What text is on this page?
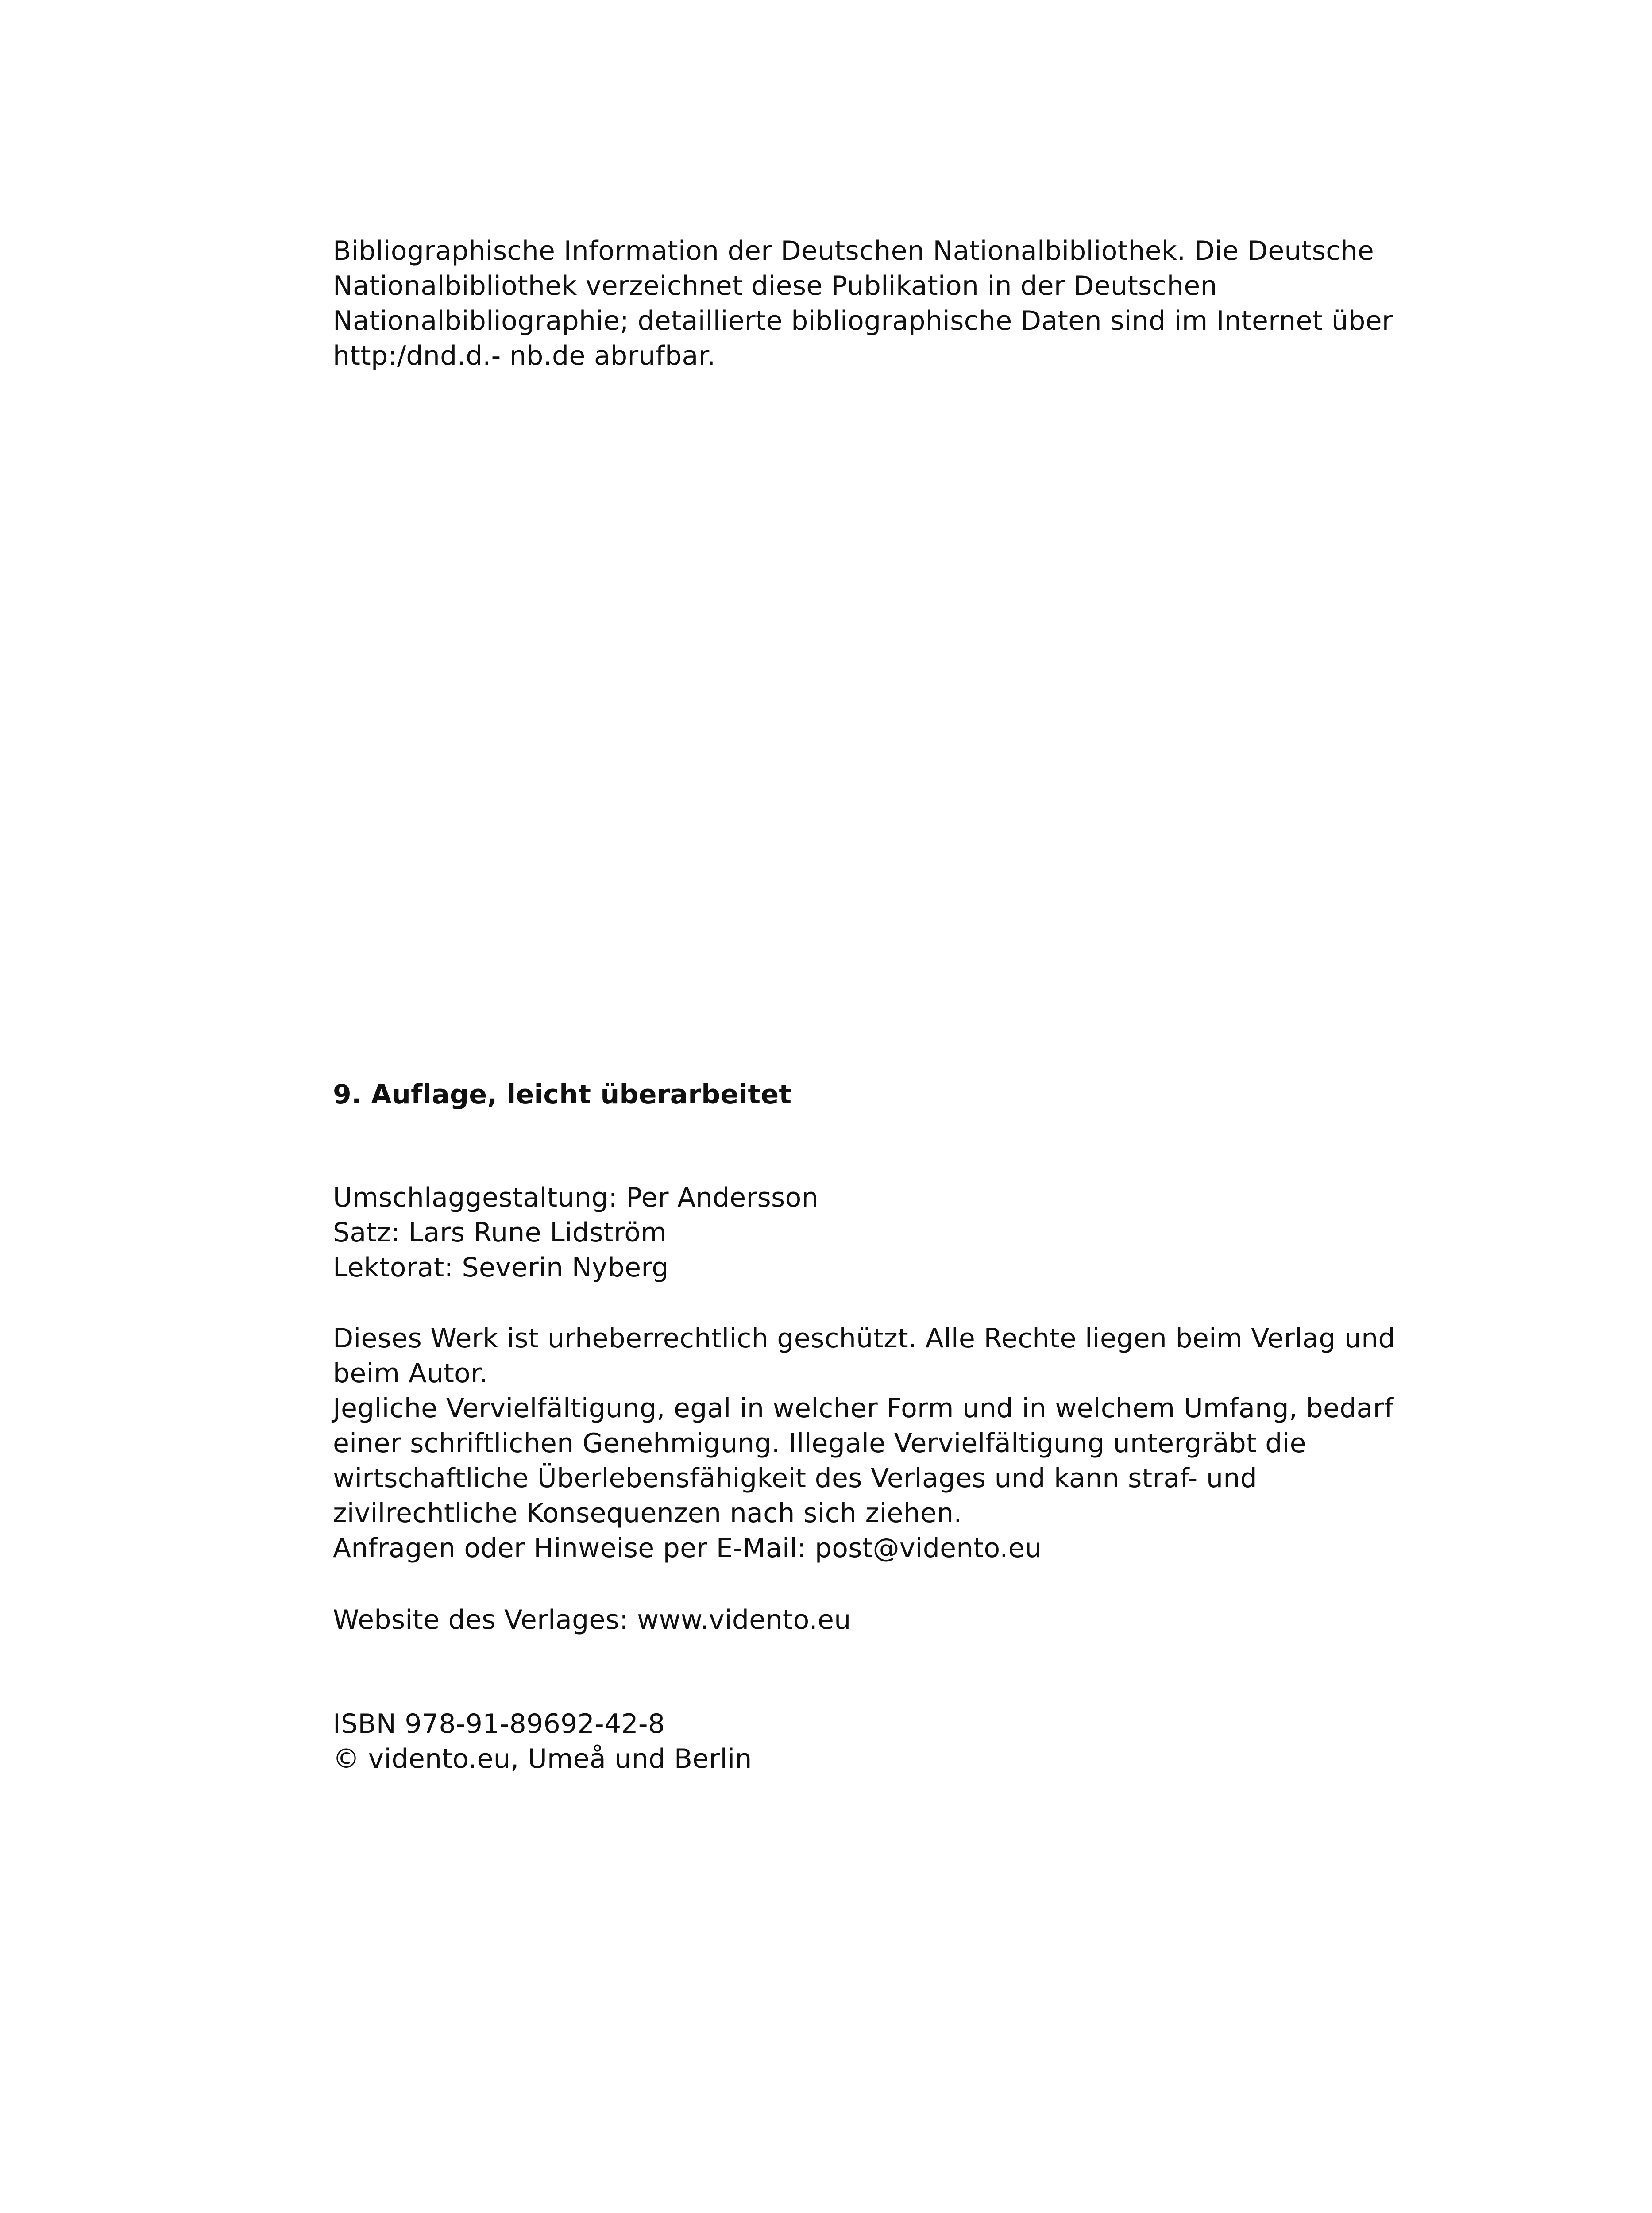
Bibliographische Information der Deutschen Nationalbibliothek. Die Deutsche
Nationalbibliothek verzeichnet diese Publikation in der Deutschen
Nationalbibliographie; detaillierte bibliographische Daten sind im Internet über
http:/dnd.d.- nb.de abrufbar.
9. Auflage, leicht überarbeitet
Umschlaggestaltung: Per Andersson
Satz: Lars Rune Lidström
Lektorat: Severin Nyberg
Dieses Werk ist urheberrechtlich geschützt. Alle Rechte liegen beim Verlag und
beim Autor.
Jegliche Vervielfältigung, egal in welcher Form und in welchem Umfang, bedarf
einer schriftlichen Genehmigung. Illegale Vervielfältigung untergräbt die
wirtschaftliche Überlebensfähigkeit des Verlages und kann straf- und
zivilrechtliche Konsequenzen nach sich ziehen.
Anfragen oder Hinweise per E-Mail: post@vidento.eu
Website des Verlages: www.vidento.eu
ISBN 978-91-89692-42-8
© vidento.eu, Umeå und Berlin
